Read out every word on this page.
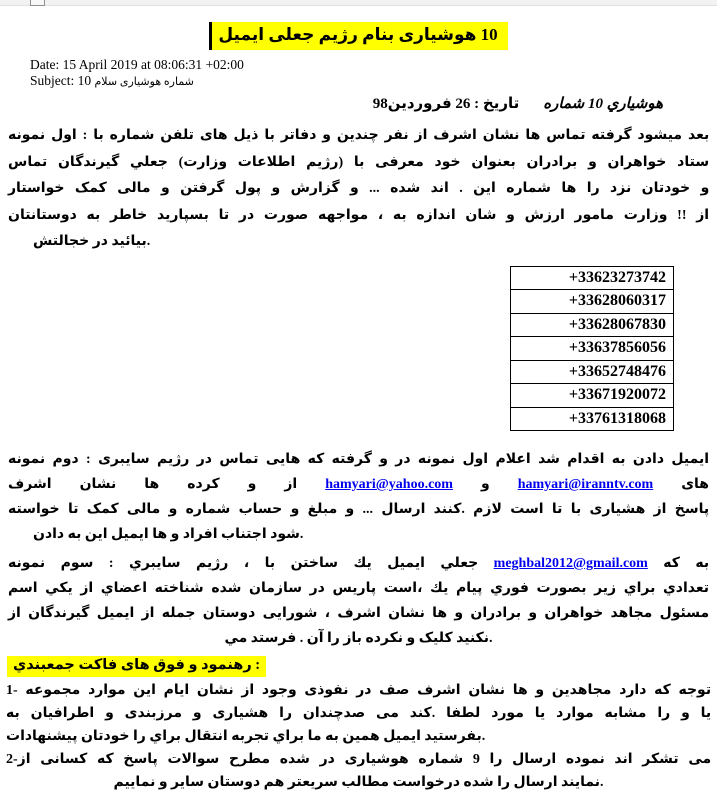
ایمیل جعلی رژیم بنام هوشیاری 10
Date: 15 April 2019 at 08:06:31 +02:00
Subject: 10 سلام هوشیاری شماره
فروردین98 26 : تاریخ شماره 10 هوشیاري
نمونه اول : با شماره تلفن های ذیل با دفاتر و چندین نفر از اشرف نشان ها تماس گرفته میشود بعد
تماس گیرندگان جعلي (وزارت اطلاعات رژیم) با معرفی خود بعنوان برادران و خواهران ستاد
خواستار کمک مالی و گرفتن پول و گزارش و ... شده اند . این شماره ها را نزد خودتان و
دوستانتان به خاطر بسپارید تا در صورت مواجهه ، به اندازه شان و ارزش مامور وزارت !! از
خجالتش در بیائید.
+33623273742
+33628060317
+33628067830
+33637856056
+33652748476
+33671920072
+33761318068
نمونه دوم : سایبری رژیم در تماس هایی که گرفته و در نمونه اول اعلام شد اقدام به دادن ایمیل
اشرف نشان ها کرده و از hamyari@yahoo.com و hamyari@iranntv.com های
خواسته تا کمک مالی و شماره حساب و مبلغ و ... ارسال کنند. لازم است تا با هشیاری از پاسخ
دادن به این ایمیل ها و افراد اجتناب شود.
نمونه سوم : سایبري رژیم ، با ساختن یك ایمیل جعلي meghbal2012@gmail.com که به
اسم یكي از اعضاي شناخته شده سازمان در پاریس است، یك پیام فوري بصورت زیر براي تعدادي
از گیرندگان ایمیل از جمله دوستان شورایی ، اشرف نشان ها و برادران و خواهران مجاهد مسئول
مي فرستد . آن را باز نكرده و کلیک نكنید.
جمعبندي فاکت های فوق و رهنمود :
1- مجموعه موارد این ایام نشان از وجود نفوذی در صف اشرف نشان ها و مجاهدین دارد که توجه
به اطرافیان و مرزبندی و هشیاری را صدچندان می کند. لطفا مورد یا موارد مشابه را و یا
پیشنهادات خودتان را براي انتقال تجربه براي ما به همین ایمیل بفرستید.
2-از کسانی که پاسخ سوالات مطرح شده در هوشیاری شماره 9 را ارسال نموده اند تشکر می
نماییم و سایر دوستان هم سریعتر مطالب درخواست شده را ارسال نمایند.
